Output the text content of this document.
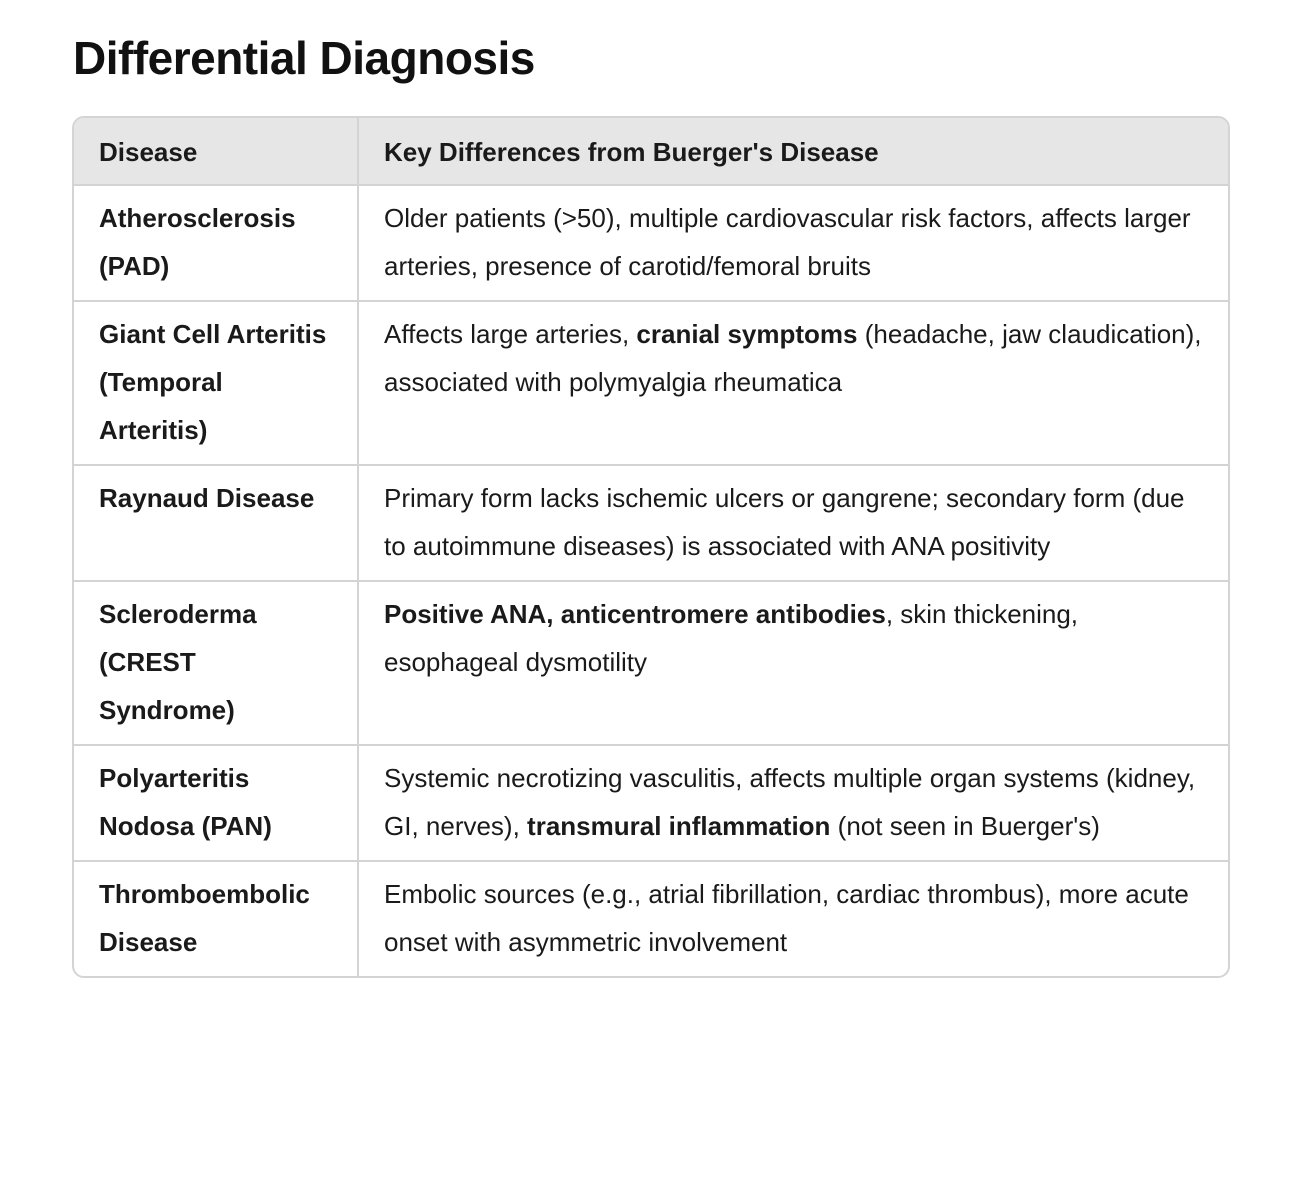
Differential Diagnosis
Disease	Key Differences from Buerger's Disease
Atherosclerosis (PAD)	Older patients (>50), multiple cardiovascular risk factors, affects larger arteries, presence of carotid/femoral bruits
Giant Cell Arteritis (Temporal Arteritis)	Affects large arteries, cranial symptoms (headache, jaw claudication), associated with polymyalgia rheumatica
Raynaud Disease	Primary form lacks ischemic ulcers or gangrene; secondary form (due to autoimmune diseases) is associated with ANA positivity
Scleroderma (CREST Syndrome)	Positive ANA, anticentromere antibodies, skin thickening, esophageal dysmotility
Polyarteritis Nodosa (PAN)	Systemic necrotizing vasculitis, affects multiple organ systems (kidney, GI, nerves), transmural inflammation (not seen in Buerger's)
Thromboembolic Disease	Embolic sources (e.g., atrial fibrillation, cardiac thrombus), more acute onset with asymmetric involvement
